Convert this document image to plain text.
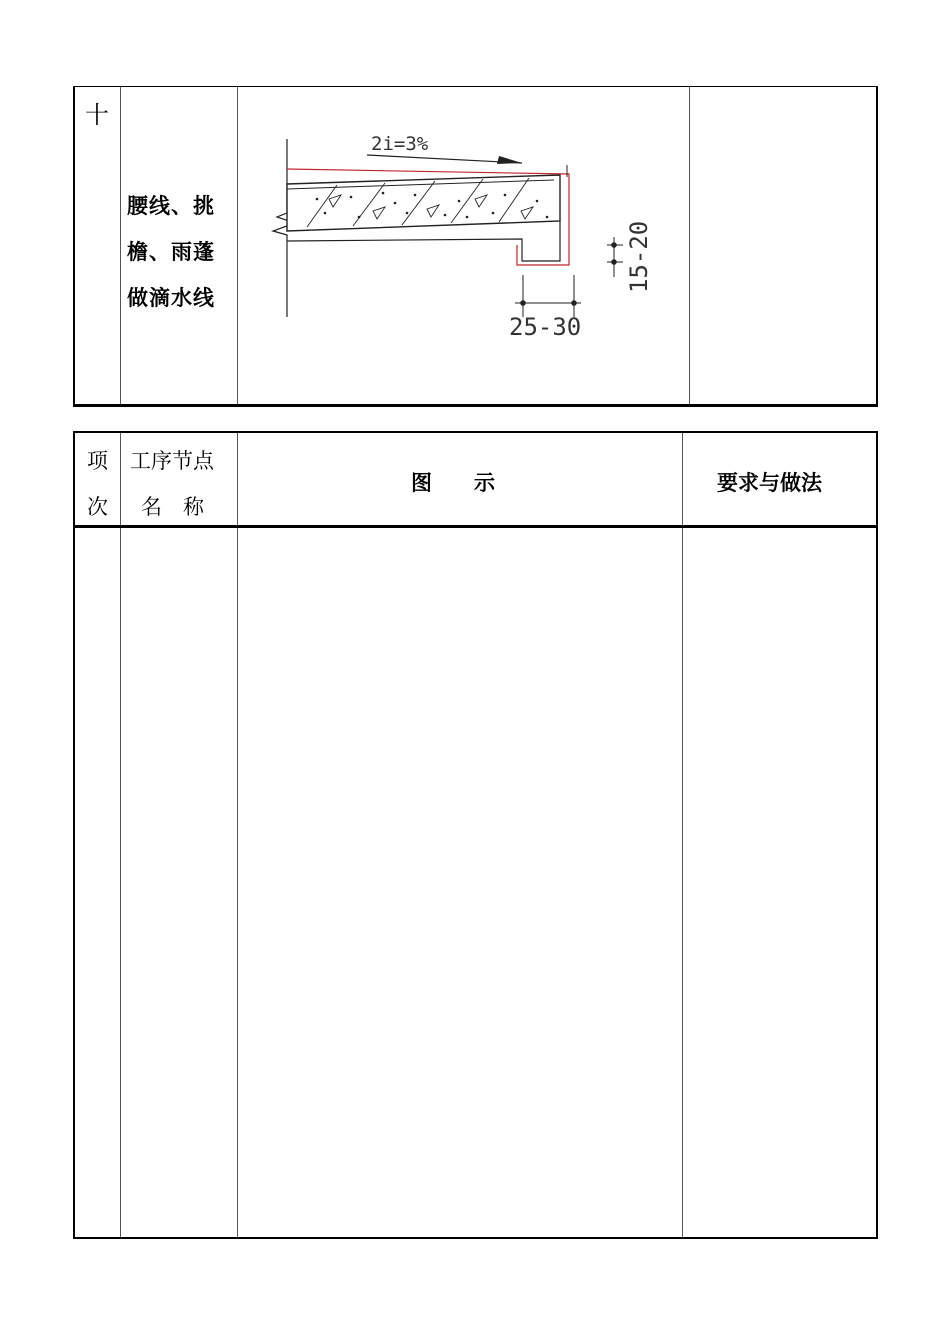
十
腰线、挑
檐、雨蓬
做滴水线
2i=3%
25-30
15-20
项
次
工序节点
名　称
图　　示	要求与做法
